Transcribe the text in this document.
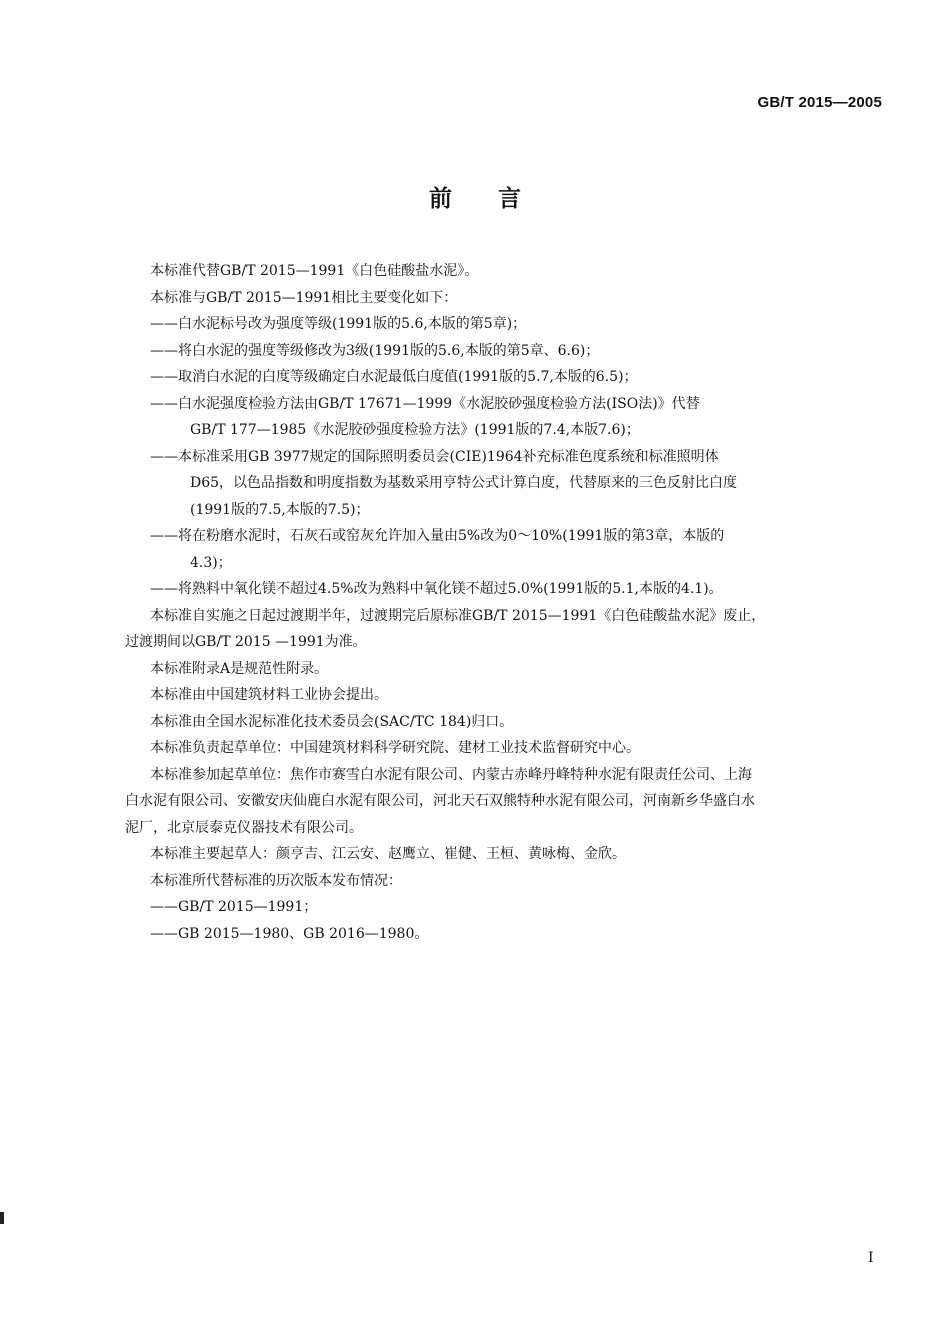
GB/T 2015—2005
前 言

本标准代替GB/T 2015—1991《白色硅酸盐水泥》。

本标准与GB/T 2015—1991相比主要变化如下：

——白水泥标号改为强度等级(1991版的5.6,本版的第5章)；

——将白水泥的强度等级修改为3级(1991版的5.6,本版的第5章、6.6)；

——取消白水泥的白度等级确定白水泥最低白度值(1991版的5.7,本版的6.5)；

——白水泥强度检验方法由GB/T 17671—1999《水泥胶砂强度检验方法(ISO法)》代替

GB/T 177—1985《水泥胶砂强度检验方法》(1991版的7.4,本版7.6)；

——本标准采用GB 3977规定的国际照明委员会(CIE)1964补充标准色度系统和标准照明体

D65，以色品指数和明度指数为基数采用亨特公式计算白度，代替原来的三色反射比白度

(1991版的7.5,本版的7.5)；

——将在粉磨水泥时，石灰石或窑灰允许加入量由5%改为0～10%(1991版的第3章，本版的

4.3)；

——将熟料中氧化镁不超过4.5%改为熟料中氧化镁不超过5.0%(1991版的5.1,本版的4.1)。

本标准自实施之日起过渡期半年，过渡期完后原标准GB/T 2015—1991《白色硅酸盐水泥》废止，

过渡期间以GB/T 2015 —1991为准。

本标准附录A是规范性附录。

本标准由中国建筑材料工业协会提出。

本标准由全国水泥标准化技术委员会(SAC/TC 184)归口。

本标准负责起草单位：中国建筑材料科学研究院、建材工业技术监督研究中心。

本标准参加起草单位：焦作市赛雪白水泥有限公司、内蒙古赤峰丹峰特种水泥有限责任公司、上海

白水泥有限公司、安徽安庆仙鹿白水泥有限公司，河北天石双熊特种水泥有限公司，河南新乡华盛白水

泥厂，北京辰泰克仪器技术有限公司。

本标准主要起草人：颜亨吉、江云安、赵鹰立、崔健、王桓、黄咏梅、金欣。

本标准所代替标准的历次版本发布情况：

——GB/T 2015—1991；

——GB 2015—1980、GB 2016—1980。

I
